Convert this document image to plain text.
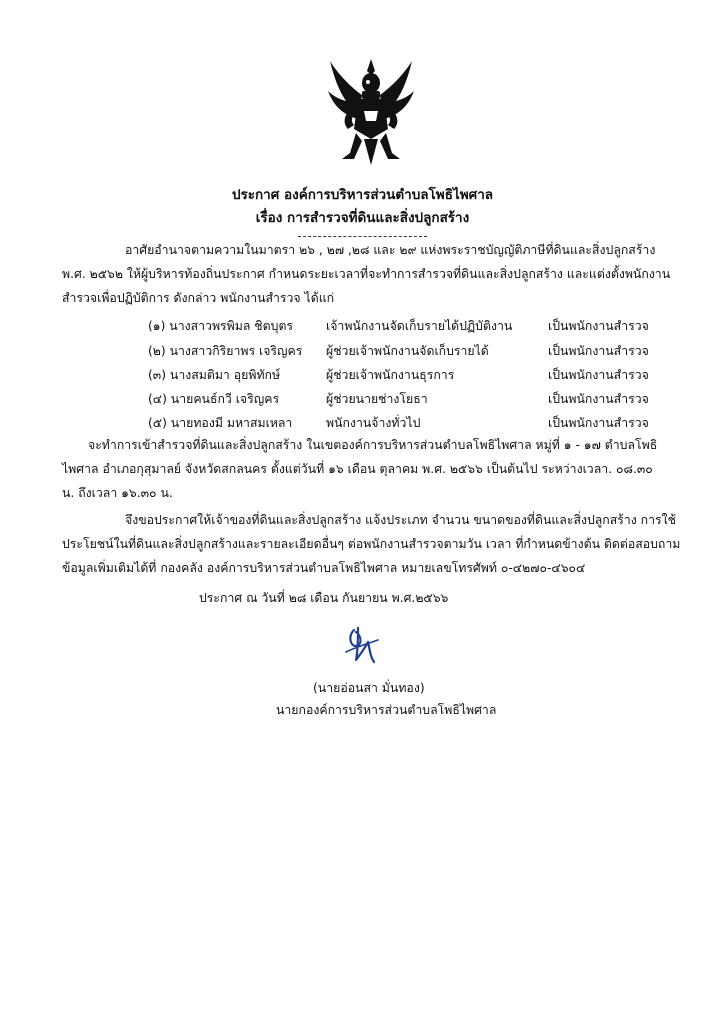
ประกาศ องค์การบริหารส่วนตำบลโพธิไพศาล
เรื่อง การสำรวจที่ดินและสิ่งปลูกสร้าง
อาศัยอำนาจตามความในมาตรา ๒๖ , ๒๗ ,๒๘ และ ๒๙ แห่งพระราชบัญญัติภาษีที่ดินและสิ่งปลูกสร้าง
พ.ศ. ๒๕๖๒ ให้ผู้บริหารท้องถิ่นประกาศ กำหนดระยะเวลาที่จะทำการสำรวจที่ดินและสิ่งปลูกสร้าง และแต่งตั้งพนักงาน
สำรวจเพื่อปฏิบัติการ ดังกล่าว พนักงานสำรวจ ได้แก่
(๑) นางสาวพรพิมล ชิตบุตร	เจ้าพนักงานจัดเก็บรายได้ปฏิบัติงาน	เป็นพนักงานสำรวจ
(๒) นางสาวกิริยาพร เจริญคร ผู้ช่วยเจ้าพนักงานจัดเก็บรายได้	เป็นพนักงานสำรวจ
(๓) นางสมติมา อุยพิทักษ์	ผู้ช่วยเจ้าพนักงานธุรการ	เป็นพนักงานสำรวจ
(๔) นายคนธ์กวี เจริญคร	ผู้ช่วยนายช่างโยธา	เป็นพนักงานสำรวจ
(๕) นายทองมี มหาสมเหลา	พนักงานจ้างทั่วไป	เป็นพนักงานสำรวจ
จะทำการเข้าสำรวจที่ดินและสิ่งปลูกสร้าง ในเขตองค์การบริหารส่วนตำบลโพธิไพศาล หมู่ที่ ๑ - ๑๗ ตำบลโพธิ
ไพศาล อำเภอกุสุมาลย์ จังหวัดสกลนคร ตั้งแต่วันที่ ๑๖ เดือน ตุลาคม พ.ศ. ๒๕๖๖ เป็นต้นไป ระหว่างเวลา. ๐๘.๓๐
น. ถึงเวลา ๑๖.๓๐ น.
จึงขอประกาศให้เจ้าของที่ดินและสิ่งปลูกสร้าง แจ้งประเภท จำนวน ขนาดของที่ดินและสิ่งปลูกสร้าง การใช้
ประโยชน์ในที่ดินและสิ่งปลูกสร้างและรายละเอียดอื่นๆ ต่อพนักงานสำรวจตามวัน เวลา ที่กำหนดข้างต้น ติดต่อสอบถาม
ข้อมูลเพิ่มเติมได้ที่ กองคลัง องค์การบริหารส่วนตำบลโพธิไพศาล หมายเลขโทรศัพท์ ๐-๔๒๗๐-๔๖๐๔
ประกาศ ณ วันที่ ๒๘ เดือน กันยายน พ.ศ.๒๕๖๖
(นายอ่อนสา มั่นทอง)
นายกองค์การบริหารส่วนตำบลโพธิไพศาล
